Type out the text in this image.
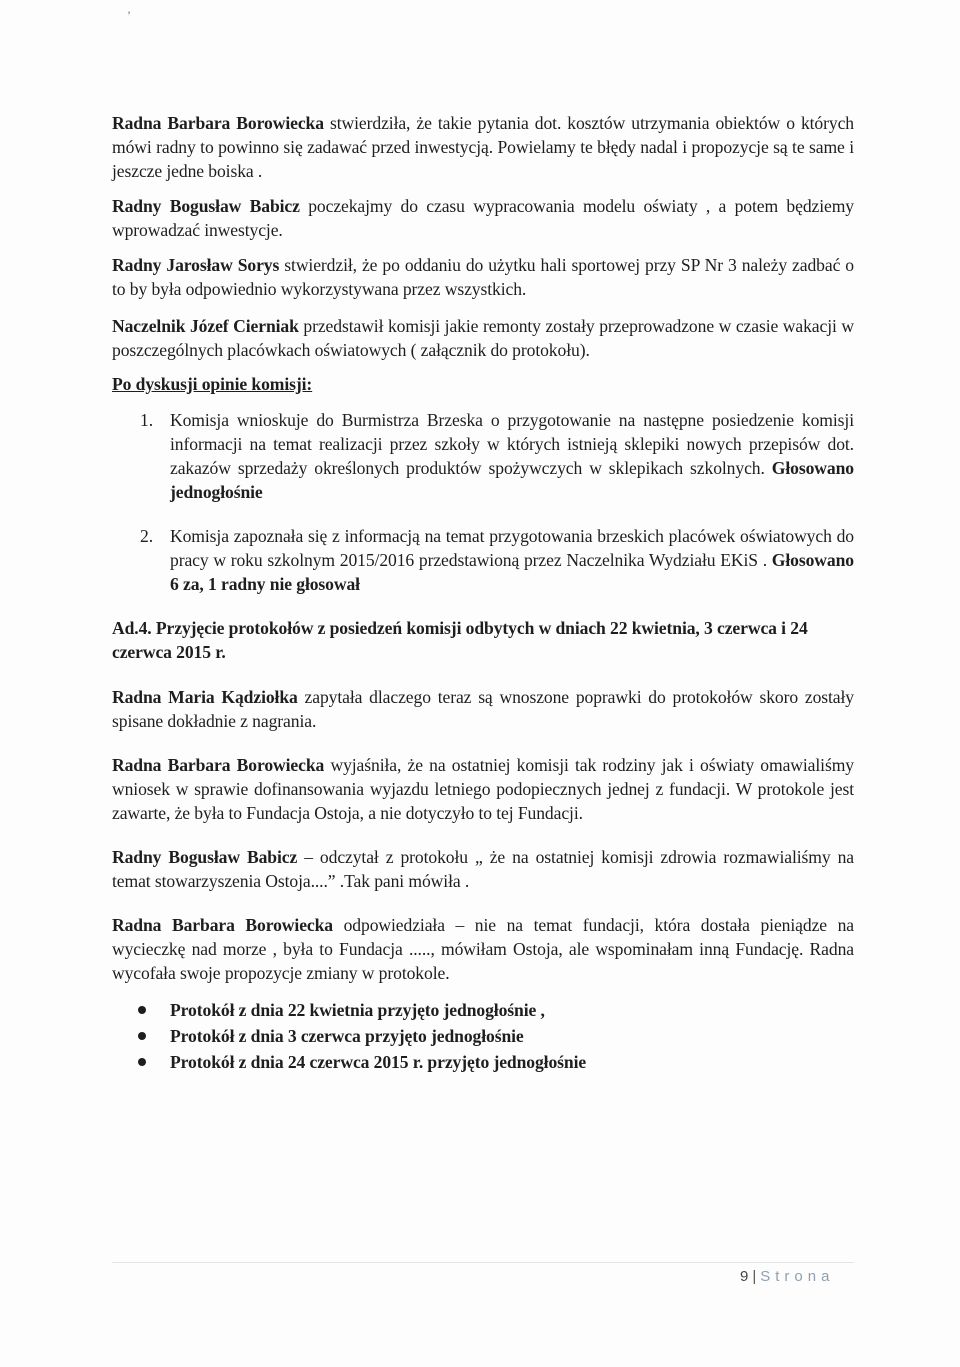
’

Radna Barbara Borowiecka stwierdziła, że takie pytania dot. kosztów utrzymania obiektów o których mówi radny to powinno się zadawać przed inwestycją. Powielamy te błędy nadal i propozycje są te same i jeszcze jedne boiska .

Radny Bogusław Babicz poczekajmy do czasu wypracowania modelu oświaty , a potem będziemy wprowadzać inwestycje.

Radny Jarosław Sorys stwierdził, że po oddaniu do użytku hali sportowej przy SP Nr 3 należy zadbać o to by była odpowiednio wykorzystywana przez wszystkich.

Naczelnik Józef Cierniak przedstawił komisji jakie remonty zostały przeprowadzone w czasie wakacji w poszczególnych placówkach oświatowych ( załącznik do protokołu).

Po dyskusji opinie komisji:

1. Komisja wnioskuje do Burmistrza Brzeska o przygotowanie na następne posiedzenie komisji informacji na temat realizacji przez szkoły w których istnieją sklepiki nowych przepisów dot. zakazów sprzedaży określonych produktów spożywczych w sklepikach szkolnych. Głosowano jednogłośnie
2. Komisja zapoznała się z informacją na temat przygotowania brzeskich placówek oświatowych do pracy w roku szkolnym 2015/2016 przedstawioną przez Naczelnika Wydziału EKiS . Głosowano 6 za, 1 radny nie głosował

Ad.4. Przyjęcie protokołów z posiedzeń komisji odbytych w dniach 22 kwietnia, 3 czerwca i 24 czerwca 2015 r.

Radna Maria Kądziołka zapytała dlaczego teraz są wnoszone poprawki do protokołów skoro zostały spisane dokładnie z nagrania.

Radna Barbara Borowiecka wyjaśniła, że na ostatniej komisji tak rodziny jak i oświaty omawialiśmy wniosek w sprawie dofinansowania wyjazdu letniego podopiecznych jednej z fundacji. W protokole jest zawarte, że była to Fundacja Ostoja, a nie dotyczyło to tej Fundacji.

Radny Bogusław Babicz – odczytał z protokołu „ że na ostatniej komisji zdrowia rozmawialiśmy na temat stowarzyszenia Ostoja....” .Tak pani mówiła .

Radna Barbara Borowiecka odpowiedziała – nie na temat fundacji, która dostała pieniądze na wycieczkę nad morze , była to Fundacja ....., mówiłam Ostoja, ale wspominałam inną Fundację. Radna wycofała swoje propozycje zmiany w protokole.

Protokół z dnia 22 kwietnia przyjęto jednogłośnie ,
Protokół z dnia 3 czerwca przyjęto jednogłośnie
Protokół z dnia 24 czerwca 2015 r. przyjęto jednogłośnie
9 | Strona
